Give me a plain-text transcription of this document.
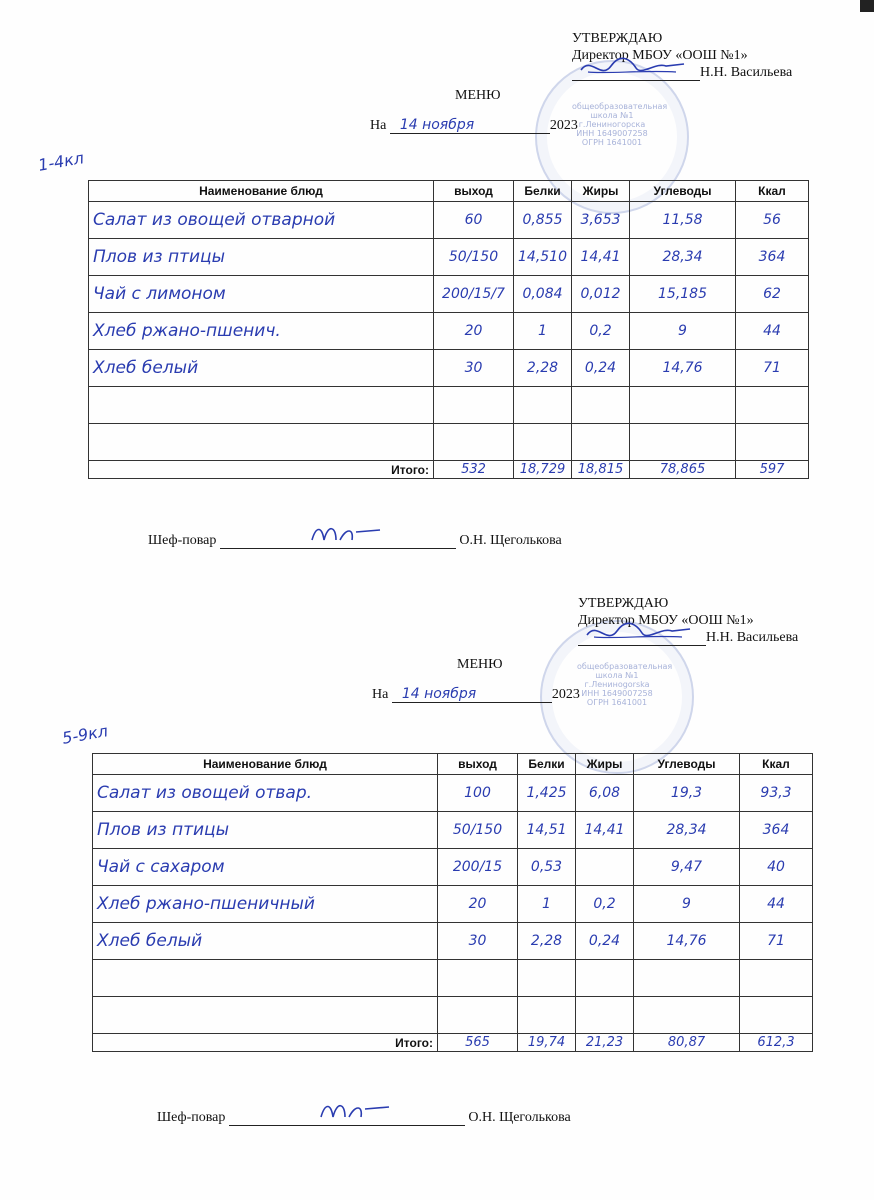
общеобразовательная
школа №1
г.Лениногорска
ИНН 1649007258
ОГРН 1641001
УТВЕРЖДАЮ
Директор МБОУ «ООШ №1»
Н.Н. Васильева
МЕНЮ
На 14 ноября	2023
1-4кл
Наименование блюд	выход	Белки	Жиры	Углеводы	Ккал
Салат из овощей отварной	60	0,855	3,653	11,58	56
Плов из птицы	50/150	14,510	14,41	28,34	364
Чай с лимоном	200/15/7	0,084	0,012	15,185	62
Хлеб ржано-пшенич.	20	1	0,2	9	44
Хлеб белый	30	2,28	0,24	14,76	71

Итого:	532	18,729	18,815	78,865	597
Шеф-повар	О.Н. Щеголькова
общеобразовательная
школа №1
г.Ленинogorska
ИНН 1649007258
ОГРН 1641001
УТВЕРЖДАЮ
Директор МБОУ «ООШ №1»
Н.Н. Васильева
МЕНЮ
На 14 ноября	2023
5-9кл
Наименование блюд	выход	Белки	Жиры	Углеводы	Ккал
Салат из овощей отвар.	100	1,425	6,08	19,3	93,3
Плов из птицы	50/150	14,51	14,41	28,34	364
Чай с сахаром	200/15	0,53		9,47	40
Хлеб ржано-пшеничный	20	1	0,2	9	44
Хлеб белый	30	2,28	0,24	14,76	71

Итого:	565	19,74	21,23	80,87	612,3
Шеф-повар	О.Н. Щеголькова
